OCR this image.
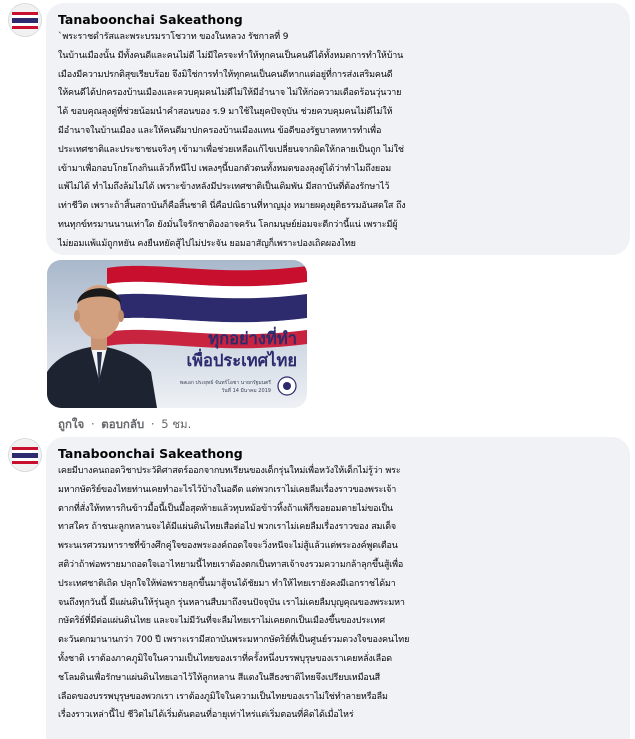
Tanaboonchai Sakeathong

`พระราชดำรัสและพระบรมราโชวาท ของในหลวง รัชกาลที่ 9

ในบ้านเมืองนั้น มีทั้งคนดีและคนไม่ดี ไม่มีใครจะทำให้ทุกคนเป็นคนดีได้ทั้งหมดการทำให้บ้าน

เมืองมีความปรกติสุขเรียบร้อย จึงมิใช่การทำให้ทุกคนเป็นคนดีหากแต่อยู่ที่การส่งเสริมคนดี

ให้คนดีได้ปกครองบ้านเมืองและควบคุมคนไม่ดีไม่ให้มีอำนาจ ไม่ให้ก่อความเดือดร้อนวุ่นวาย

ได้ ขอบคุณลุงตู่ที่ช่วยน้อมนำคำสอนของ ร.9 มาใช้ในยุคปัจจุบัน ช่วยควบคุมคนไม่ดีไม่ให้

มีอำนาจในบ้านเมือง และให้คนดีมาปกครองบ้านเมืองแทน ข้อดีของรัฐบาลทหารทำเพื่อ

ประเทศชาติและประชาชนจริงๆ เข้ามาเพื่อช่วยเหลือแก้ไขเปลี่ยนจากผิดให้กลายเป็นถูก ไม่ใช่

เข้ามาเพื่อกอบโกยโกงกินแล้วก็หนีไป เพลงๆนี้บอกตัวตนทั้งหมดของลุงตู่ได้ว่าทำไมถึงยอม

แพ้ไม่ได้ ทำไมถึงล้มไม่ได้ เพราะข้างหลังมีประเทศชาติเป็นเดิมพัน มีสถาบันที่ต้องรักษาไว้

เท่าชีวิต เพราะถ้าสิ้นสถาบันก็คือสิ้นชาติ นี่คือปณิธานที่หาญมุ่ง หมายผดุงยุติธรรมอันสดใส ถึง

ทนทุกข์ทรมานนานเท่าใด ยังมั่นใจรักชาติองอาจครัน โลกมนุษย์ย่อมจะตีกว่านี้แน่ เพราะมีผู้

ไม่ยอมแพ้แม้ถูกหยัน คงยืนหยัดสู้ไปไม่ประจัน ยอมอาสัญก็เพราะปองเถิดผองไทย

ทุกอย่างที่ทำ
เพื่อประเทศไทย
พลเอก ประยุทธ์ จันทร์โอชา นายกรัฐมนตรี
วันที่ 14 มีนาคม 2019
ถูกใจ · ตอบกลับ · 5 ชม.
Tanaboonchai Sakeathong

เคยมีบางคนถอดวิชาประวัติศาสตร์ออกจากบทเรียนของเด็กรุ่นใหม่เพื่อหวังให้เด็กไม่รู้ว่า พระ

มหากษัตริย์ของไทยท่านเคยทำอะไรไว้บ้างในอดีต แต่พวกเราไม่เคยลืมเรื่องราวของพระเจ้า

ตากที่สั่งให้ทหารกินข้าวมื้อนี้เป็นมื้อสุดท้ายแล้วทุบหม้อข้าวทิ้งถ้าแพ้ก็ขอยอมตายไม่ขอเป็น

ทาสใคร ถ้าชนะลูกหลานจะได้มีแผ่นดินไทยเสือต่อไป พวกเราไม่เคยลืมเรื่องราวของ สมเด็จ

พระนเรศวรมหาราชที่ข้างศึกคู่ใจของพระองค์ถอดใจจะวิ่งหนีจะไม่สู้แล้วแต่พระองค์พูดเตือน

สติว่าถ้าพ่อพรายมาถอดใจเอาไหยามนี้ไทยเราต้องตกเป็นทาสเจ้าจงรวมความกล้าลุกขึ้นสู้เพื่อ

ประเทศชาติเถิด ปลุกใจให้พ่อพรายลุกขึ้นมาสู้จนได้ชัยมา ทำให้ไทยเรายังคงมีเอกราชได้มา

จนถึงทุกวันนี้ มีแผ่นดินให้รุ่นลูก รุ่นหลานสืบมาถึงจนปัจจุบัน เราไม่เคยลืมบุญคุณของพระมหา

กษัตริย์ที่มีต่อแผ่นดินไทย และจะไม่มีวันที่จะลืมไทยเราไม่เคยตกเป็นเมืองขึ้นของประเทศ

ตะวันตกมานานกว่า 700 ปี เพราะเรามีสถาบันพระมหากษัตริย์ที่เป็นศูนย์รวมดวงใจของคนไทย

ทั้งชาติ เราต้องภาคภูมิใจในความเป็นไทยของเราที่ครั้งหนึ่งบรรพบุรุษของเราเคยหลั่งเลือด

ชโลมดินเพื่อรักษาแผ่นดินไทยเอาไว้ให้ลูกหลาน สีแดงในสีธงชาติไทยจึงเปรียบเหมือนสี

เลือดของบรรพบุรุษของพวกเรา เราต้องภูมิใจในความเป็นไทยของเราไม่ใช่ทำลายหรือลืม

เรื่องราวเหล่านี้ไป ชีวิตไม่ได้เริ่มต้นตอนที่อายุเท่าไหร่แต่เริ่มตอนที่คิดได้เมื่อไหร่
